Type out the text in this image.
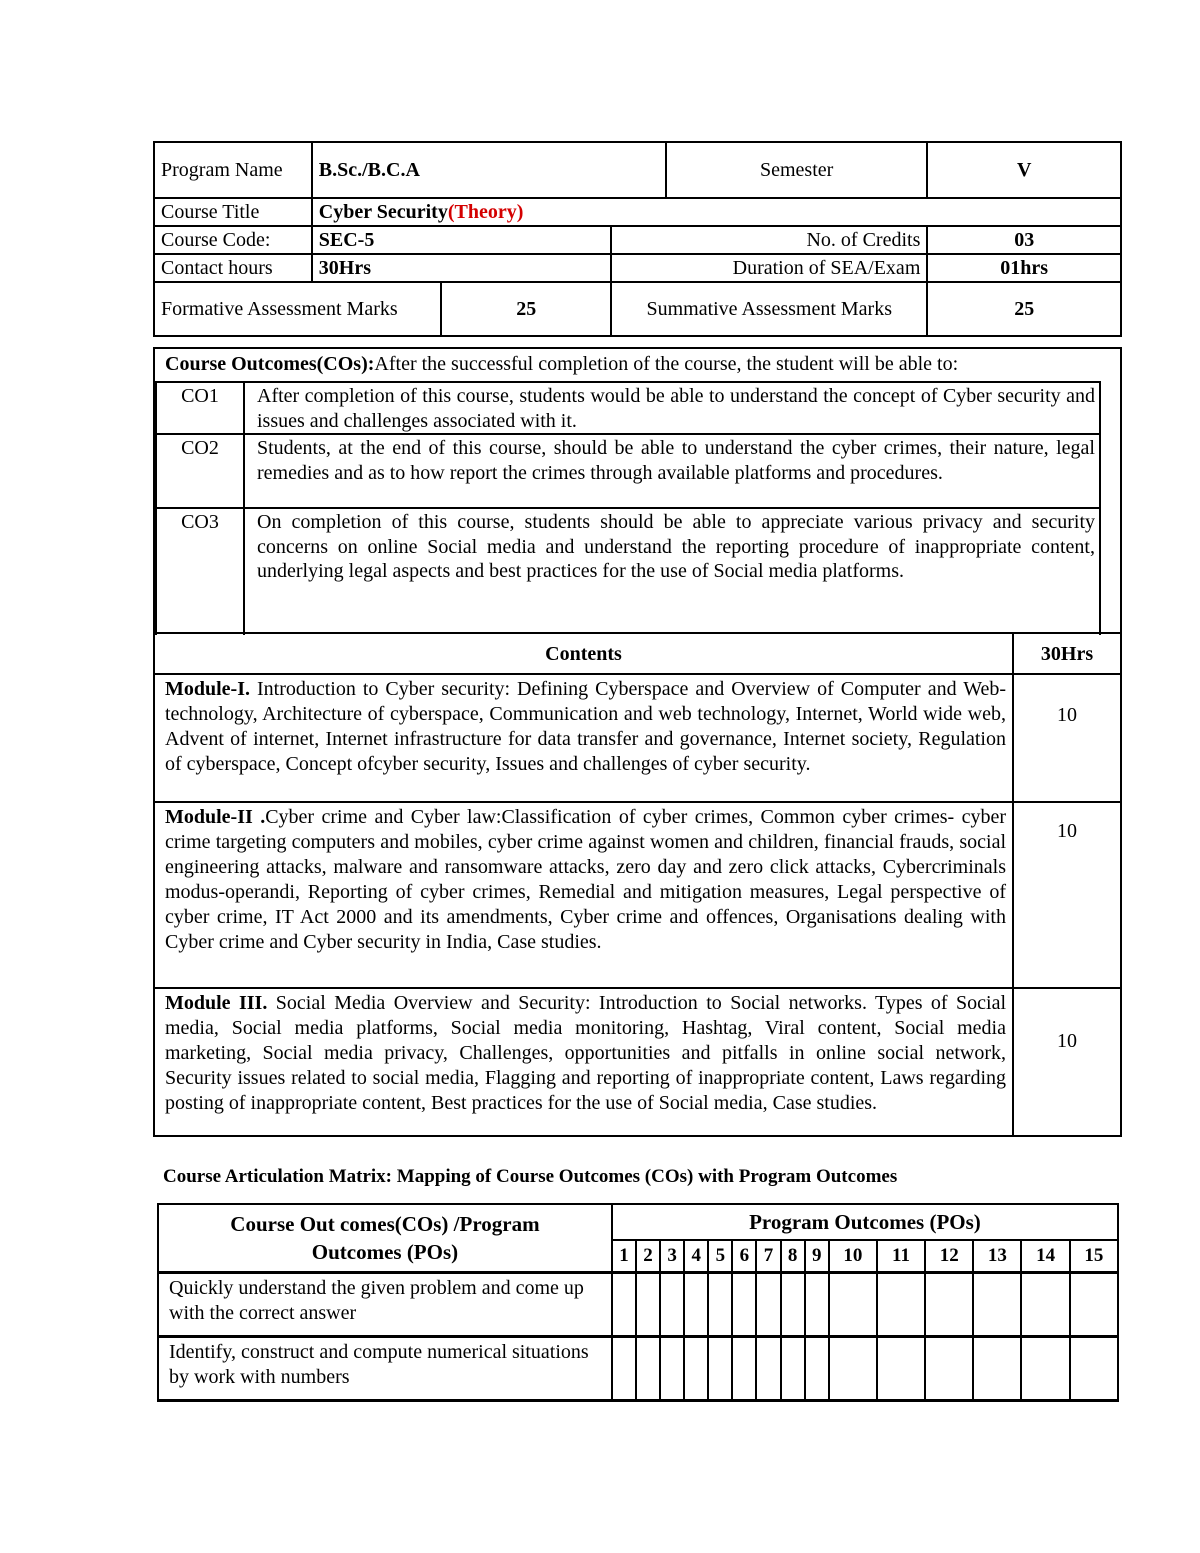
Program Name	B.Sc./B.C.A			Semester	V
Course Title	Cyber Security(Theory)				
Course Code:	SEC-5		No. of Credits		03
Contact hours	30Hrs		Duration of SEA/Exam		01hrs
Formative Assessment Marks		25	Summative Assessment Marks		25
Course Outcomes(COs):After the successful completion of the course, the student will be able to:
CO1	After completion of this course, students would be able to understand the concept of Cyber security and issues and challenges associated with it.
CO2	Students, at the end of this course, should be able to understand the cyber crimes, their nature, legal remedies and as to how report the crimes through available platforms and procedures.
CO3	On completion of this course, students should be able to appreciate various privacy and security concerns on online Social media and understand the reporting procedure of inappropriate content, underlying legal aspects and best practices for the use of Social media platforms.
Contents	30Hrs
Module-I. Introduction to Cyber security: Defining Cyberspace and Overview of Computer and Web-technology, Architecture of cyberspace, Communication and web technology, Internet, World wide web, Advent of internet, Internet infrastructure for data transfer and governance, Internet society, Regulation of cyberspace, Concept ofcyber security, Issues and challenges of cyber security.	10
Module-II .Cyber crime and Cyber law:Classification of cyber crimes, Common cyber crimes- cyber crime targeting computers and mobiles, cyber crime against women and children, financial frauds, social engineering attacks, malware and ransomware attacks, zero day and zero click attacks, Cybercriminals modus-operandi, Reporting of cyber crimes, Remedial and mitigation measures, Legal perspective of cyber crime, IT Act 2000 and its amendments, Cyber crime and offences, Organisations dealing with Cyber crime and Cyber security in India, Case studies.	10
Module III. Social Media Overview and Security: Introduction to Social networks. Types of Social media, Social media platforms, Social media monitoring, Hashtag, Viral content, Social media marketing, Social media privacy, Challenges, opportunities and pitfalls in online social network, Security issues related to social media, Flagging and reporting of inappropriate content, Laws regarding posting of inappropriate content, Best practices for the use of Social media, Case studies.	10
Course Articulation Matrix: Mapping of Course Outcomes (COs) with Program Outcomes
Course Out comes(COs) /Program Outcomes (POs)	Program Outcomes (POs)														
	1	2	3	4	5	6	7	8	9	10	11	12	13	14	15
Quickly understand the given problem and come up with the correct answer															
Identify, construct and compute numerical situations by work with numbers															
